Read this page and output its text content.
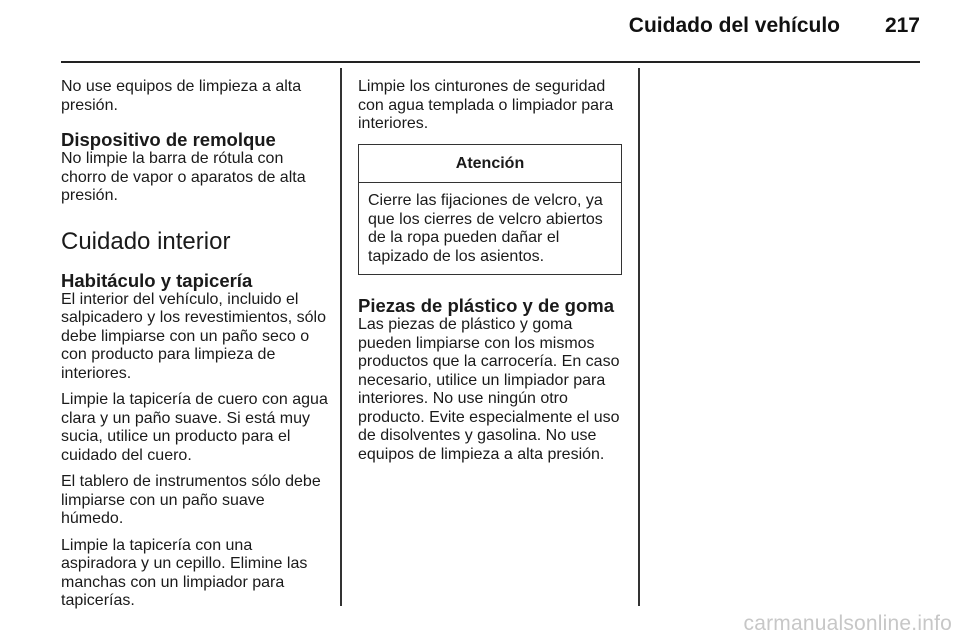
Cuidado del vehículo	217

No use equipos de limpieza a alta presión.

Dispositivo de remolque

No limpie la barra de rótula con chorro de vapor o aparatos de alta presión.

Cuidado interior

Habitáculo y tapicería

El interior del vehículo, incluido el salpicadero y los revestimientos, sólo debe limpiarse con un paño seco o con producto para limpieza de interiores.

Limpie la tapicería de cuero con agua clara y un paño suave. Si está muy sucia, utilice un producto para el cuidado del cuero.

El tablero de instrumentos sólo debe limpiarse con un paño suave húmedo.

Limpie la tapicería con una aspiradora y un cepillo. Elimine las manchas con un limpiador para tapicerías.

Limpie los cinturones de seguridad con agua templada o limpiador para interiores.

Atención
Cierre las fijaciones de velcro, ya que los cierres de velcro abiertos de la ropa pueden dañar el tapizado de los asientos.

Piezas de plástico y de goma

Las piezas de plástico y goma pueden limpiarse con los mismos productos que la carrocería. En caso necesario, utilice un limpiador para interiores. No use ningún otro producto. Evite especialmente el uso de disolventes y gasolina. No use equipos de limpieza a alta presión.

carmanualsonline.info
